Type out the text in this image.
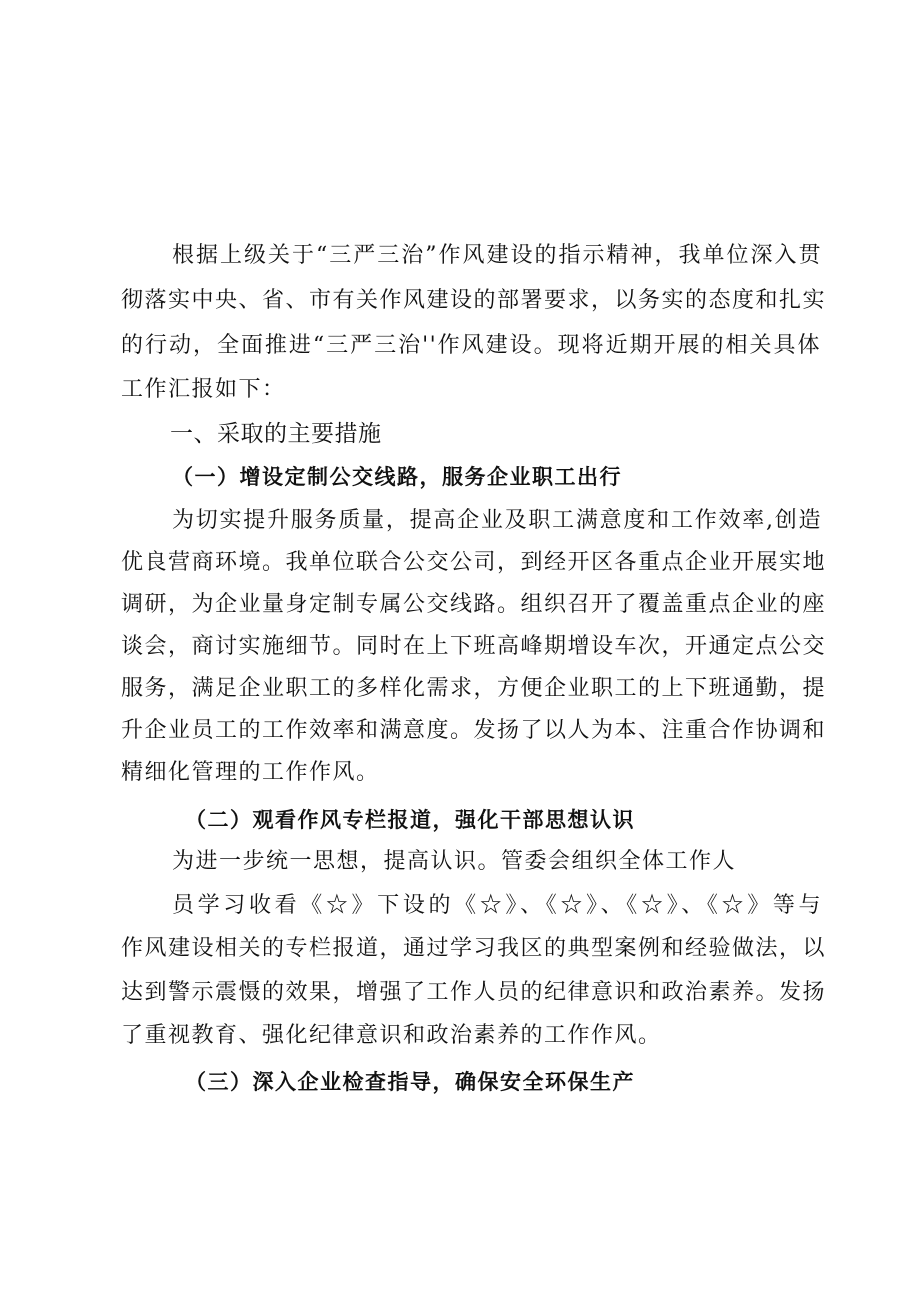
根据上级关于“三严三治”作风建设的指示精神，我单位深入贯
彻落实中央、省、市有关作风建设的部署要求，以务实的态度和扎实
的行动，全面推进“三严三治''作风建设。现将近期开展的相关具体
工作汇报如下：
一、采取的主要措施
（一）增设定制公交线路，服务企业职工出行
为切实提升服务质量，提高企业及职工满意度和工作效率,创造
优良营商环境。我单位联合公交公司，到经开区各重点企业开展实地
调研，为企业量身定制专属公交线路。组织召开了覆盖重点企业的座
谈会，商讨实施细节。同时在上下班高峰期增设车次，开通定点公交
服务，满足企业职工的多样化需求，方便企业职工的上下班通勤，提
升企业员工的工作效率和满意度。发扬了以人为本、注重合作协调和
精细化管理的工作作风。
（二）观看作风专栏报道，强化干部思想认识
为进一步统一思想，提高认识。管委会组织全体工作人
员学习收看《☆》下设的《☆》、《☆》、《☆》、《☆》等与
作风建设相关的专栏报道，通过学习我区的典型案例和经验做法，以
达到警示震慑的效果，增强了工作人员的纪律意识和政治素养。发扬
了重视教育、强化纪律意识和政治素养的工作作风。
（三）深入企业检查指导，确保安全环保生产
